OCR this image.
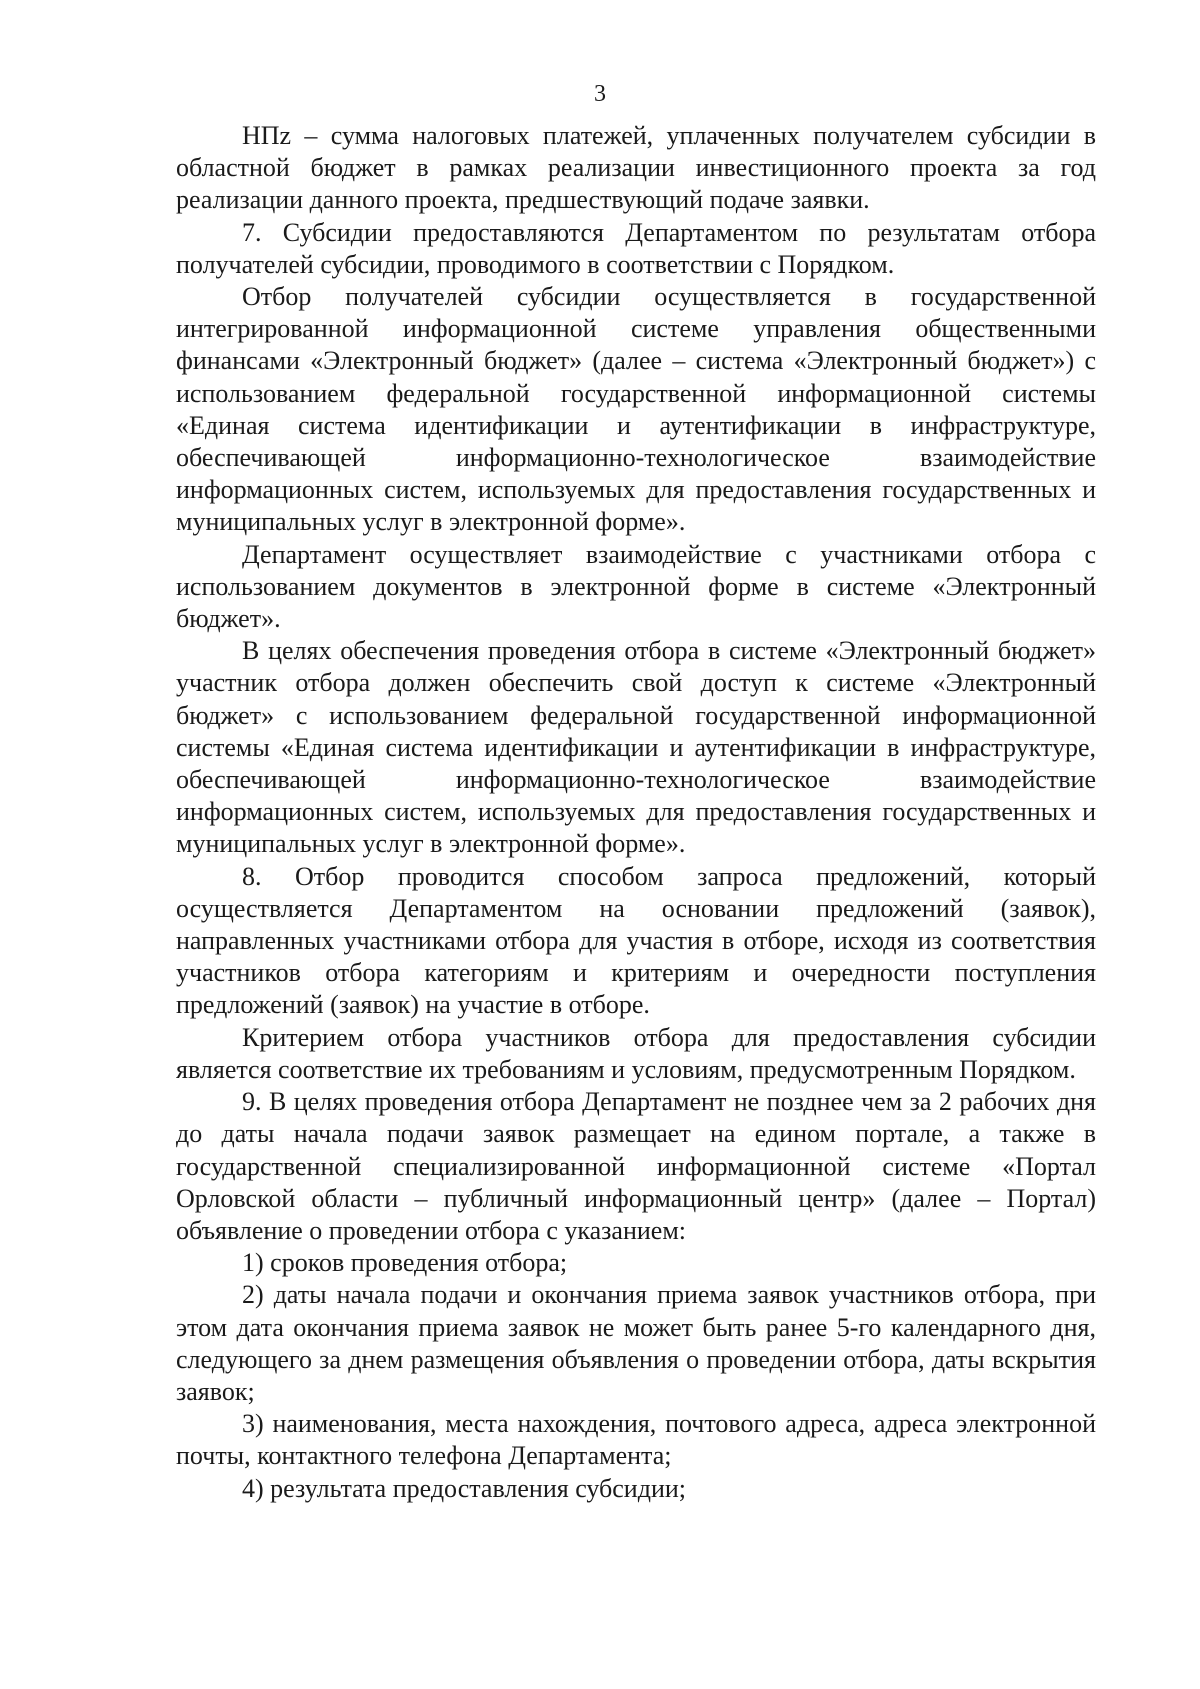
3

НПz – сумма налоговых платежей, уплаченных получателем субсидии в областной бюджет в рамках реализации инвестиционного проекта за год реализации данного проекта, предшествующий подаче заявки.

7. Субсидии предоставляются Департаментом по результатам отбора получателей субсидии, проводимого в соответствии с Порядком.

Отбор получателей субсидии осуществляется в государственной интегрированной информационной системе управления общественными финансами «Электронный бюджет» (далее – система «Электронный бюджет») с использованием федеральной государственной информационной системы «Единая система идентификации и аутентификации в инфраструктуре, обеспечивающей информационно-технологическое взаимодействие информационных систем, используемых для предоставления государственных и муниципальных услуг в электронной форме».

Департамент осуществляет взаимодействие с участниками отбора с использованием документов в электронной форме в системе «Электронный бюджет».

В целях обеспечения проведения отбора в системе «Электронный бюджет» участник отбора должен обеспечить свой доступ к системе «Электронный бюджет» с использованием федеральной государственной информационной системы «Единая система идентификации и аутентификации в инфраструктуре, обеспечивающей информационно-технологическое взаимодействие информационных систем, используемых для предоставления государственных и муниципальных услуг в электронной форме».

8. Отбор проводится способом запроса предложений, который осуществляется Департаментом на основании предложений (заявок), направленных участниками отбора для участия в отборе, исходя из соответствия участников отбора категориям и критериям и очередности поступления предложений (заявок) на участие в отборе.

Критерием отбора участников отбора для предоставления субсидии является соответствие их требованиям и условиям, предусмотренным Порядком.

9. В целях проведения отбора Департамент не позднее чем за 2 рабочих дня до даты начала подачи заявок размещает на едином портале, а также в государственной специализированной информационной системе «Портал Орловской области – публичный информационный центр» (далее – Портал) объявление о проведении отбора с указанием:

1) сроков проведения отбора;

2) даты начала подачи и окончания приема заявок участников отбора, при этом дата окончания приема заявок не может быть ранее 5-го календарного дня, следующего за днем размещения объявления о проведении отбора, даты вскрытия заявок;

3) наименования, места нахождения, почтового адреса, адреса электронной почты, контактного телефона Департамента;

4) результата предоставления субсидии;
